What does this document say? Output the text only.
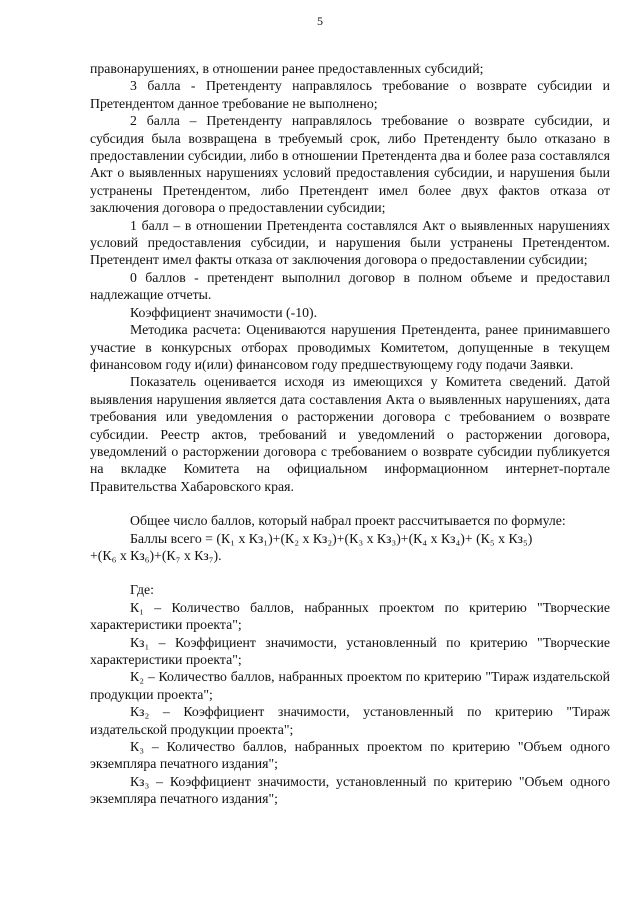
5

правонарушениях, в отношении ранее предоставленных субсидий;

3 балла - Претенденту направлялось требование о возврате субсидии и Претендентом данное требование не выполнено;

2 балла – Претенденту направлялось требование о возврате субсидии, и субсидия была возвращена в требуемый срок, либо Претенденту было отказано в предоставлении субсидии, либо в отношении Претендента два и более раза составлялся Акт о выявленных нарушениях условий предоставления субсидии, и нарушения были устранены Претендентом, либо Претендент имел более двух фактов отказа от заключения договора о предоставлении субсидии;

1 балл – в отношении Претендента составлялся Акт о выявленных нарушениях условий предоставления субсидии, и нарушения были устранены Претендентом. Претендент имел факты отказа от заключения договора о предоставлении субсидии;

0 баллов - претендент выполнил договор в полном объеме и предоставил надлежащие отчеты.

Коэффициент значимости (-10).

Методика расчета: Оцениваются нарушения Претендента, ранее принимавшего участие в конкурсных отборах проводимых Комитетом, допущенные в текущем финансовом году и(или) финансовом году предшествующему году подачи Заявки.

Показатель оценивается исходя из имеющихся у Комитета сведений. Датой выявления нарушения является дата составления Акта о выявленных нарушениях, дата требования или уведомления о расторжении договора с требованием о возврате субсидии. Реестр актов, требований и уведомлений о расторжении договора, уведомлений о расторжении договора с требованием о возврате субсидии публикуется на вкладке Комитета на официальном информационном интернет-портале Правительства Хабаровского края.

Общее число баллов, который набрал проект рассчитывается по формуле:

Баллы всего = (К₁ х Кз₁)+(К₂ х Кз₂)+(К₃ х Кз₃)+(К₄ х Кз₄)+ (К₅ х Кз₅)

+(К₆ х Кз₆)+(К₇ х Кз₇).

Где:

К₁ – Количество баллов, набранных проектом по критерию "Творческие характеристики проекта";

Кз₁ – Коэффициент значимости, установленный по критерию "Творческие характеристики проекта";

К₂ – Количество баллов, набранных проектом по критерию "Тираж издательской продукции проекта";

Кз₂ – Коэффициент значимости, установленный по критерию "Тираж издательской продукции проекта";

К₃ – Количество баллов, набранных проектом по критерию "Объем одного экземпляра печатного издания";

Кз₃ – Коэффициент значимости, установленный по критерию "Объем одного экземпляра печатного издания";
